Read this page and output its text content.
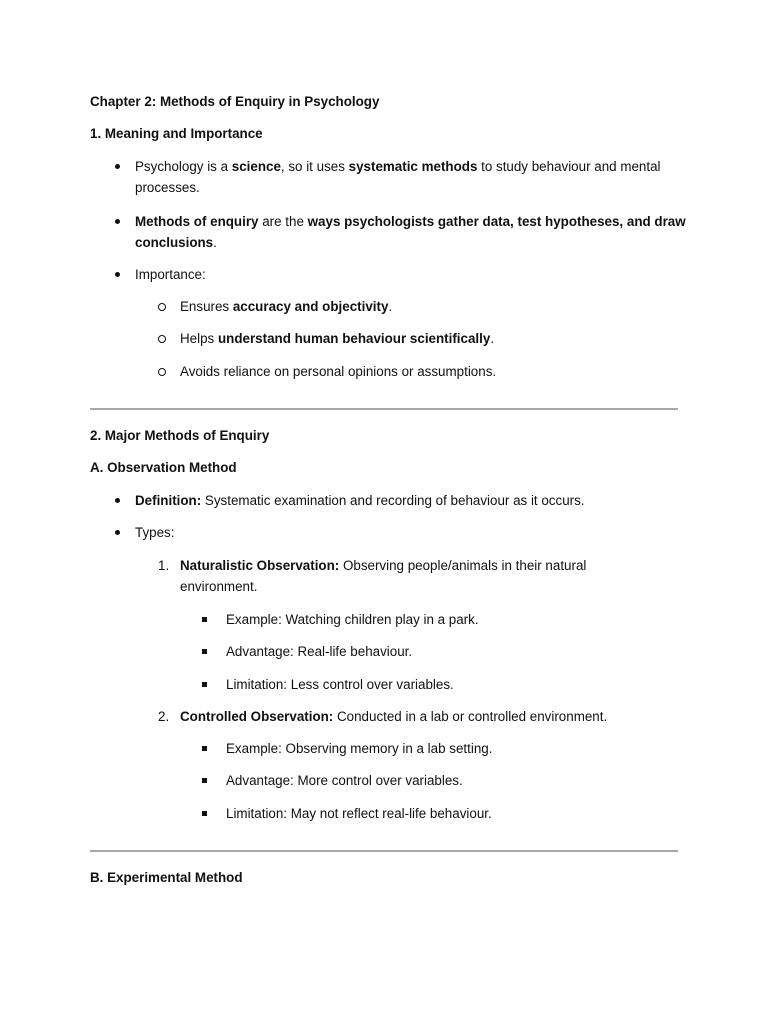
Chapter 2: Methods of Enquiry in Psychology
1. Meaning and Importance
Psychology is a science, so it uses systematic methods to study behaviour and mental
processes.
Methods of enquiry are the ways psychologists gather data, test hypotheses, and draw
conclusions.
Importance:
Ensures accuracy and objectivity.
Helps understand human behaviour scientifically.
Avoids reliance on personal opinions or assumptions.
2. Major Methods of Enquiry
A. Observation Method
Definition: Systematic examination and recording of behaviour as it occurs.
Types:
1. Naturalistic Observation: Observing people/animals in their natural
environment.
Example: Watching children play in a park.
Advantage: Real-life behaviour.
Limitation: Less control over variables.
2. Controlled Observation: Conducted in a lab or controlled environment.
Example: Observing memory in a lab setting.
Advantage: More control over variables.
Limitation: May not reflect real-life behaviour.
B. Experimental Method
